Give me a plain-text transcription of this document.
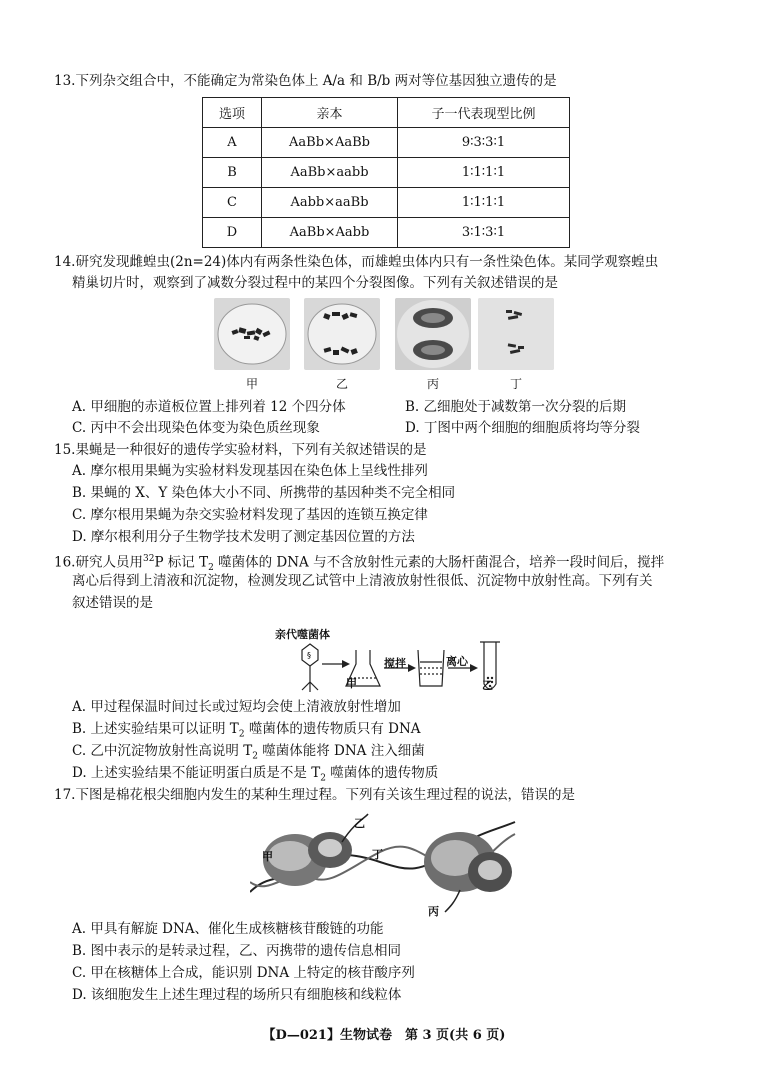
13.下列杂交组合中，不能确定为常染色体上 A/a 和 B/b 两对等位基因独立遗传的是
选项	亲本	子一代表现型比例
A	AaBb×AaBb	9∶3∶3∶1
B	AaBb×aabb	1∶1∶1∶1
C	Aabb×aaBb	1∶1∶1∶1
D	AaBb×Aabb	3∶1∶3∶1
14.研究发现雌蝗虫(2n=24)体内有两条性染色体，而雄蝗虫体内只有一条性染色体。某同学观察蝗虫
精巢切片时，观察到了减数分裂过程中的某四个分裂图像。下列有关叙述错误的是
甲	乙	丙	丁
A. 甲细胞的赤道板位置上排列着 12 个四分体	B. 乙细胞处于减数第一次分裂的后期
C. 丙中不会出现染色体变为染色质丝现象	D. 丁图中两个细胞的细胞质将均等分裂
15.果蝇是一种很好的遗传学实验材料，下列有关叙述错误的是
A. 摩尔根用果蝇为实验材料发现基因在染色体上呈线性排列
B. 果蝇的 X、Y 染色体大小不同、所携带的基因种类不完全相同
C. 摩尔根用果蝇为杂交实验材料发现了基因的连锁互换定律
D. 摩尔根利用分子生物学技术发明了测定基因位置的方法
16.研究人员用$^{32}$P 标记 $T_2$ 噬菌体的 DNA 与不含放射性元素的大肠杆菌混合，培养一段时间后，搅拌
离心后得到上清液和沉淀物，检测发现乙试管中上清液放射性很低、沉淀物中放射性高。下列有关
叙述错误的是
亲代噬菌体
§
甲
搅拌	离心
乙
A. 甲过程保温时间过长或过短均会使上清液放射性增加
B. 上述实验结果可以证明 $T_2$ 噬菌体的遗传物质只有 DNA
C. 乙中沉淀物放射性高说明 $T_2$ 噬菌体能将 DNA 注入细菌
D. 上述实验结果不能证明蛋白质是不是 $T_2$ 噬菌体的遗传物质
17.下图是棉花根尖细胞内发生的某种生理过程。下列有关该生理过程的说法，错误的是
甲
乙
丁
丙
A. 甲具有解旋 DNA、催化生成核糖核苷酸链的功能
B. 图中表示的是转录过程，乙、丙携带的遗传信息相同
C. 甲在核糖体上合成，能识别 DNA 上特定的核苷酸序列
D. 该细胞发生上述生理过程的场所只有细胞核和线粒体
【D—021】生物试卷　第 3 页(共 6 页)
